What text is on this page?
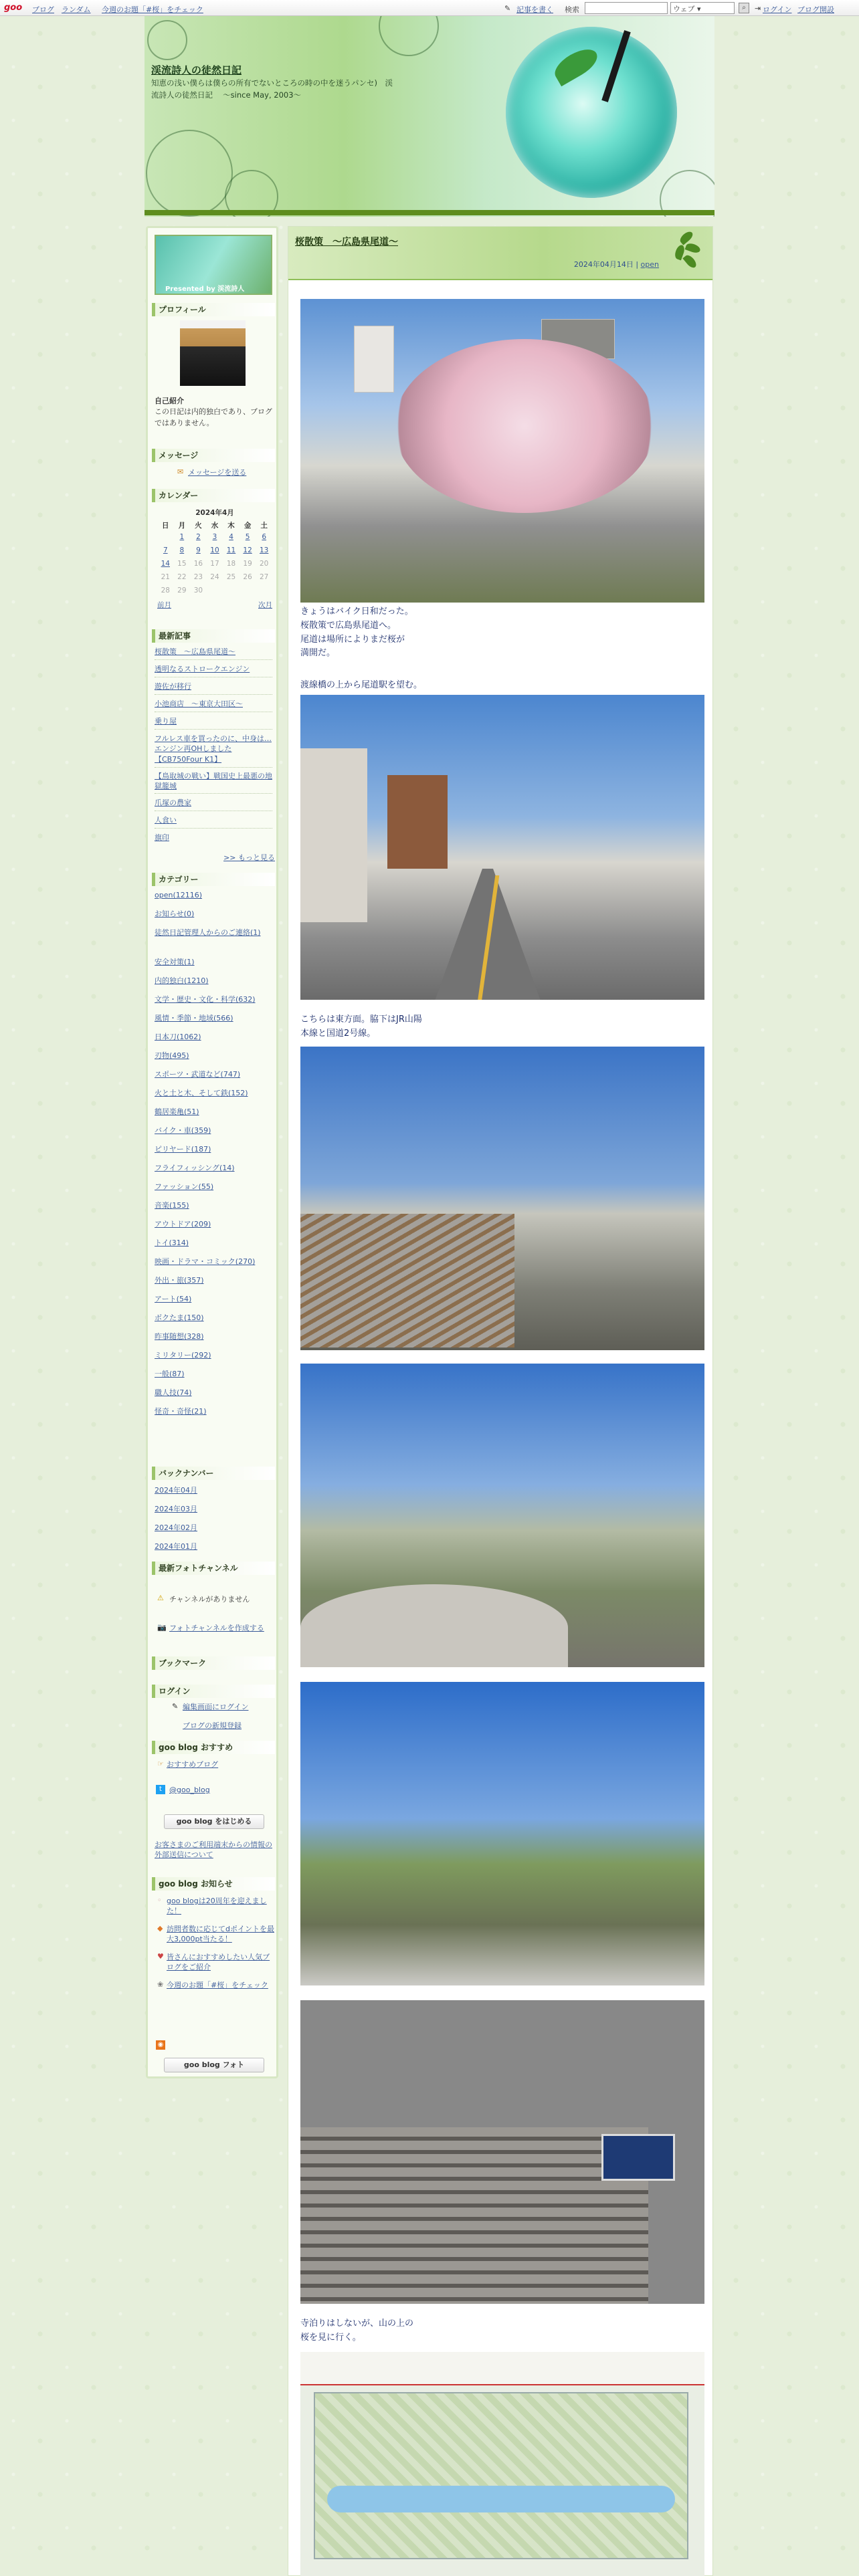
goo ブログ ランダム 今週のお題「#桜」をチェック	✎ 記事を書く 検索	ウェブ ▾	⌕	⇥ ログイン ブログ開設
渓流詩人の徒然日記
知恵の浅い僕らは僕らの所有でないところの時の中を迷うパンセ)　渓流詩人の徒然日記　 ～since May, 2003～
Presented by 渓流詩人
プロフィール
自己紹介
この日記は内的独白であり、ブログではありません。
メッセージ
✉ メッセージを送る
カレンダー
2024年4月
日	月	火	水	木	金	土
	1	2	3	4	5	6
7	8	9	10	11	12	13
14	15	16	17	18	19	20
21	22	23	24	25	26	27
28	29	30				
前月	次月
最新記事
桜散策　～広島県尾道～
透明なるストロークエンジン
遊佐が移行
小池商店　～東京大田区～
乗り屋
フルレス車を買ったのに、中身は…エンジン再OHしました【CB750Four K1】
【鳥取城の戦い】戦国史上最悪の地獄籠城
爪塚の農家
人食い
旗印
>> もっと見る
カテゴリー
open(12116)
お知らせ(0)
徒然日記管理人からのご連絡(1)
安全対策(1)
内的独白(1210)
文学・歴史・文化・科学(632)
風情・季節・地域(566)
日本刀(1062)
刃物(495)
スポーツ・武道など(747)
火と土と木、そして鉄(152)
鶴居楽亀(51)
バイク・車(359)
ピリヤード(187)
フライフィッシング(14)
ファッション(55)
音楽(155)
アウトドア(209)
トイ(314)
映画・ドラマ・コミック(270)
外出・旅(357)
アート(54)
ボクたま(150)
昨事随想(328)
ミリタリー(292)
一般(87)
職人技(74)
怪奇・奇怪(21)
バックナンバー
2024年04月
2024年03月
2024年02月
2024年01月
最新フォトチャンネル
⚠ チャンネルがありません
📷 フォトチャンネルを作成する
ブックマーク
ログイン
✎ 編集画面にログイン
ブログの新規登録
goo blog おすすめ
☞ おすすめブログ
t	@goo_blog
goo blog をはじめる
お客さまのご利用端末からの情報の外部送信について
goo blog お知らせ
◦ goo blogは20周年を迎えました！
◆ 訪問者数に応じてdポイントを最大3,000pt当たる！
♥ 皆さんにおすすめしたい人気ブログをご紹介
❀ 今週のお題「#桜」をチェック
◉
goo blog フォト
桜散策　～広島県尾道～
2024年04月14日 | open
きょうはバイク日和だった。
桜散策で広島県尾道へ。
尾道は場所によりまだ桜が
満開だ。
渡線橋の上から尾道駅を望む。
こちらは東方面。脇下はJR山陽
本線と国道2号線。
寺泊りはしないが、山の上の
桜を見に行く。
